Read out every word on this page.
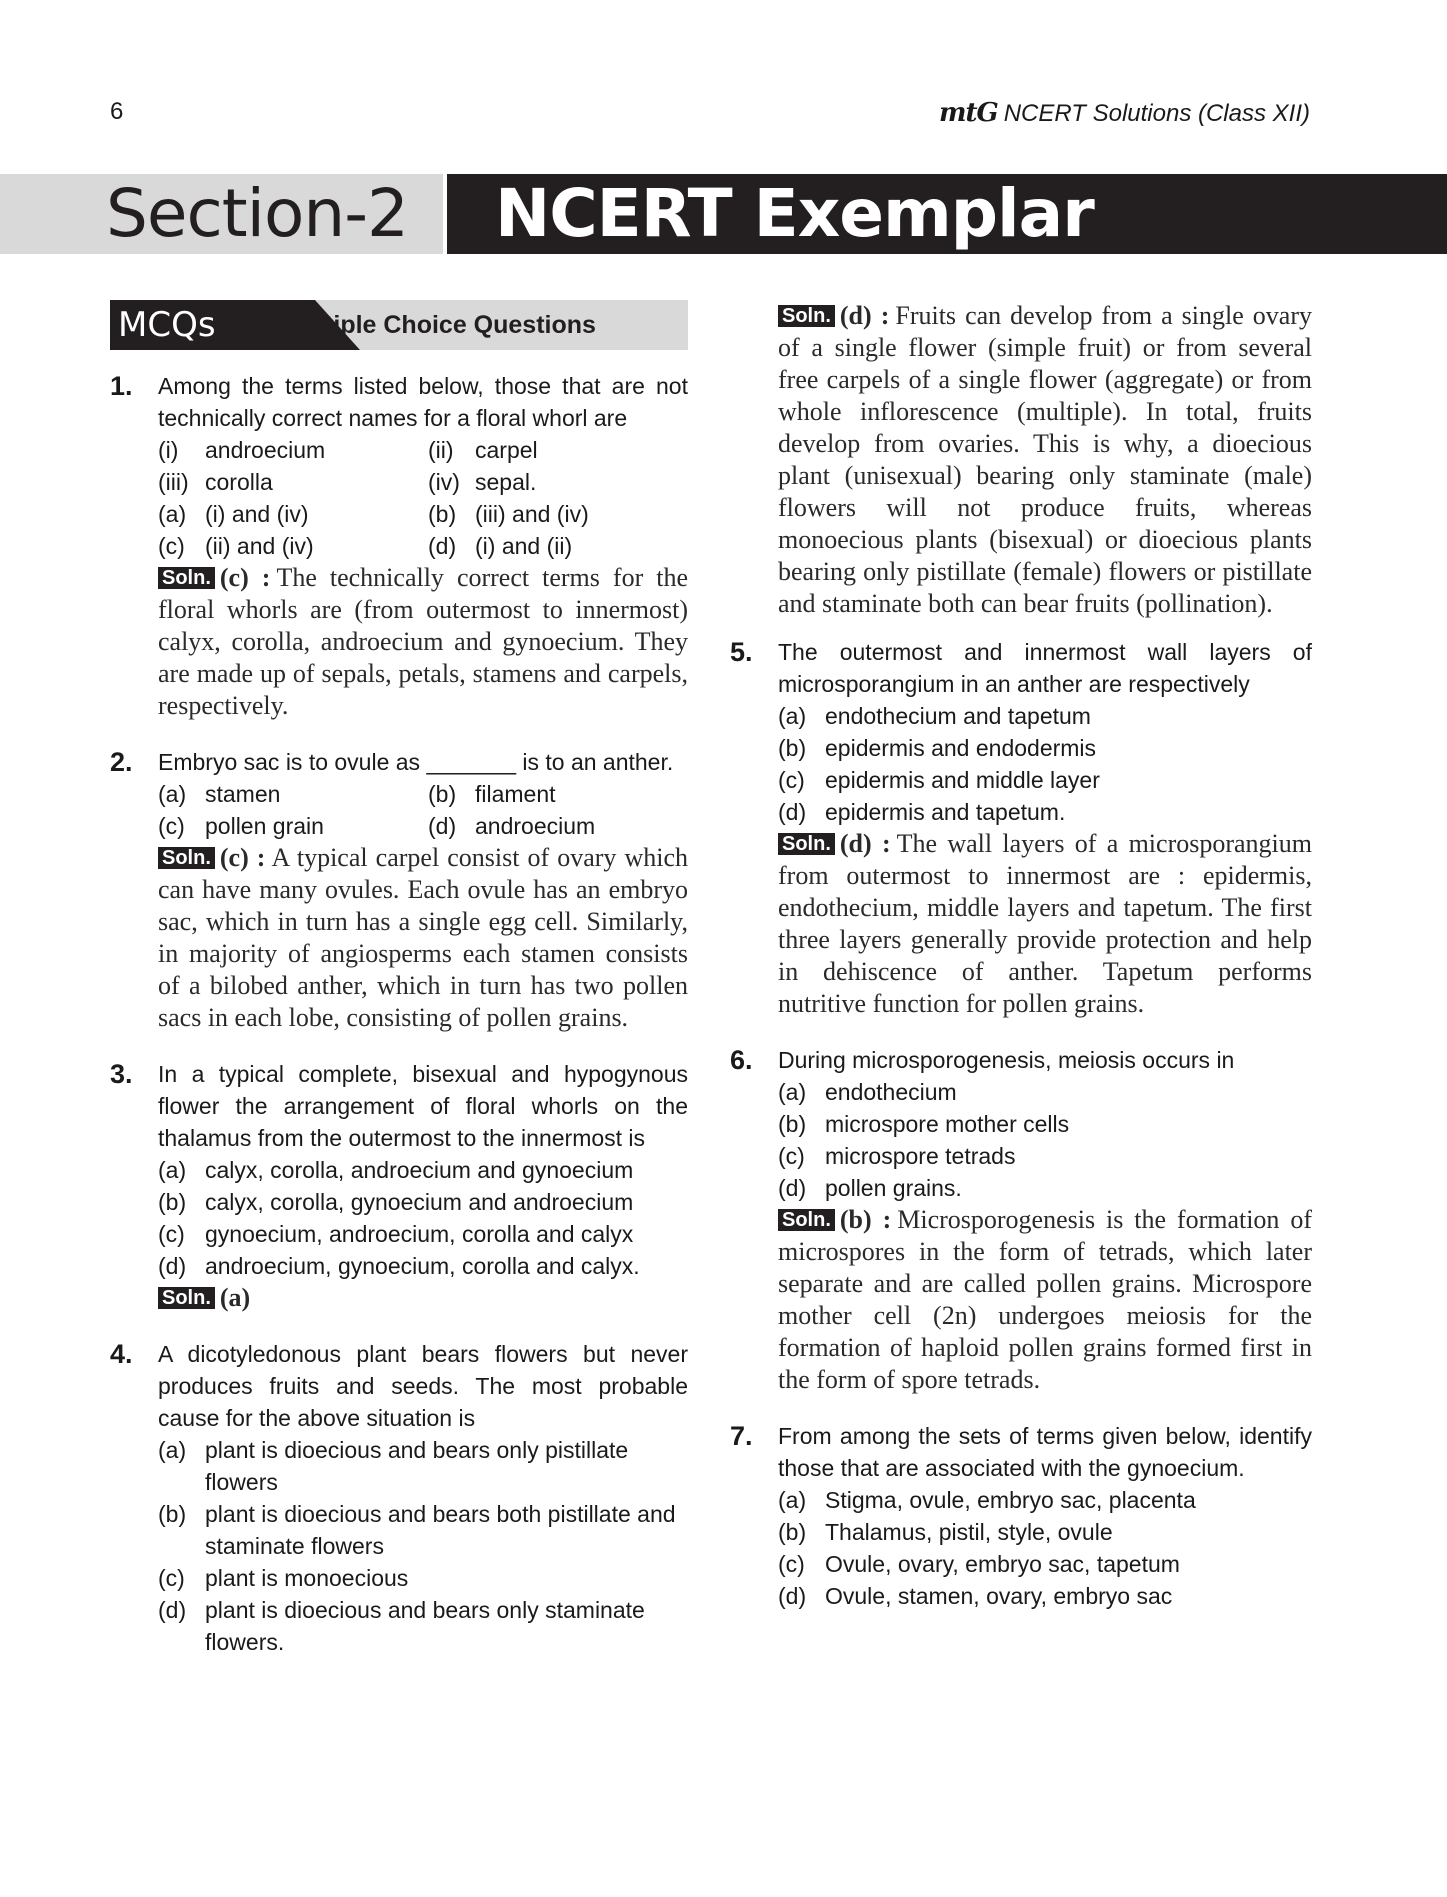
6	mtG NCERT Solutions (Class XII)
Section-2 NCERT Exemplar
MCQs	Multiple Choice Questions
1.	Among the terms listed below, those that are not technically correct names for a floral whorl are
(i)	androecium	(ii) carpel
(iii) corolla	(iv) sepal.
(a) (i) and (iv)	(b) (iii) and (iv)
(c) (ii) and (iv)	(d) (i) and (ii)
Soln. (c) : The technically correct terms for the floral whorls are (from outermost to innermost) calyx, corolla, androecium and gynoecium. They are made up of sepals, petals, stamens and carpels, respectively.
2.	Embryo sac is to ovule as _______ is to an anther.
(a) stamen	(b) filament
(c) pollen grain	(d) androecium
Soln. (c) : A typical carpel consist of ovary which can have many ovules. Each ovule has an embryo sac, which in turn has a single egg cell. Similarly, in majority of angiosperms each stamen consists of a bilobed anther, which in turn has two pollen sacs in each lobe, consisting of pollen grains.
3.	In a typical complete, bisexual and hypogynous flower the arrangement of floral whorls on the thalamus from the outermost to the innermost is
(a) calyx, corolla, androecium and gynoecium
(b) calyx, corolla, gynoecium and androecium
(c) gynoecium, androecium, corolla and calyx
(d) androecium, gynoecium, corolla and calyx.
Soln. (a)
4.	A dicotyledonous plant bears flowers but never produces fruits and seeds. The most probable cause for the above situation is
(a) plant is dioecious and bears only pistillate flowers
(b) plant is dioecious and bears both pistillate and staminate flowers
(c) plant is monoecious
(d) plant is dioecious and bears only staminate flowers.
Soln. (d) : Fruits can develop from a single ovary of a single flower (simple fruit) or from several free carpels of a single flower (aggregate) or from whole inflorescence (multiple). In total, fruits develop from ovaries. This is why, a dioecious plant (unisexual) bearing only staminate (male) flowers will not produce fruits, whereas monoecious plants (bisexual) or dioecious plants bearing only pistillate (female) flowers or pistillate and staminate both can bear fruits (pollination).
5.	The outermost and innermost wall layers of microsporangium in an anther are respectively
(a) endothecium and tapetum
(b) epidermis and endodermis
(c) epidermis and middle layer
(d) epidermis and tapetum.
Soln. (d) : The wall layers of a microsporangium from outermost to innermost are : epidermis, endothecium, middle layers and tapetum. The first three layers generally provide protection and help in dehiscence of anther. Tapetum performs nutritive function for pollen grains.
6.	During microsporogenesis, meiosis occurs in
(a) endothecium
(b) microspore mother cells
(c) microspore tetrads
(d) pollen grains.
Soln. (b) : Microsporogenesis is the formation of microspores in the form of tetrads, which later separate and are called pollen grains. Microspore mother cell (2n) undergoes meiosis for the formation of haploid pollen grains formed first in the form of spore tetrads.
7.	From among the sets of terms given below, identify those that are associated with the gynoecium.
(a) Stigma, ovule, embryo sac, placenta
(b) Thalamus, pistil, style, ovule
(c) Ovule, ovary, embryo sac, tapetum
(d) Ovule, stamen, ovary, embryo sac
